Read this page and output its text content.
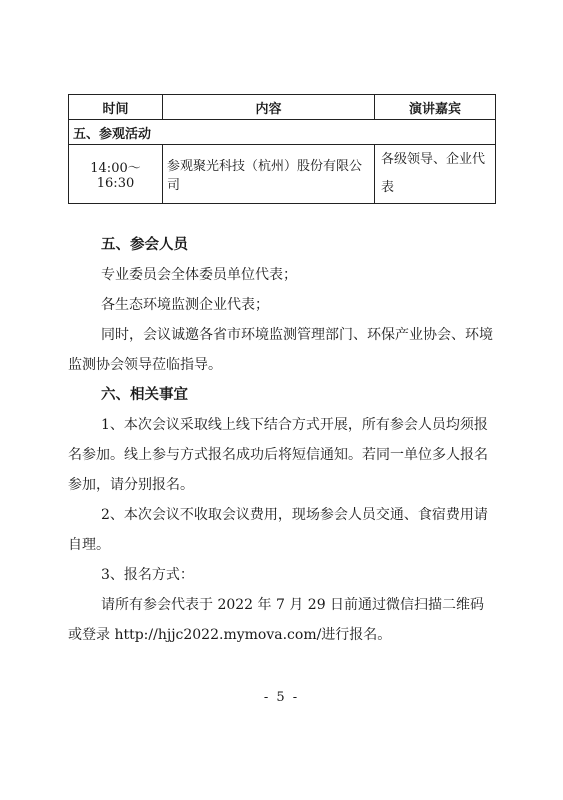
时间	内容	演讲嘉宾
五、参观活动		
14:00～16:30	参观聚光科技（杭州）股份有限公司	各级领导、企业代表

五、参会人员

专业委员会全体委员单位代表；

各生态环境监测企业代表；

同时，会议诚邀各省市环境监测管理部门、环保产业协会、环境监测协会领导莅临指导。

六、相关事宜

1、本次会议采取线上线下结合方式开展，所有参会人员均须报名参加。线上参与方式报名成功后将短信通知。若同一单位多人报名参加，请分别报名。

2、本次会议不收取会议费用，现场参会人员交通、食宿费用请自理。

3、报名方式：

请所有参会代表于 2022 年 7 月 29 日前通过微信扫描二维码或登录 http://hjjc2022.mymova.com/进行报名。

- 5 -
